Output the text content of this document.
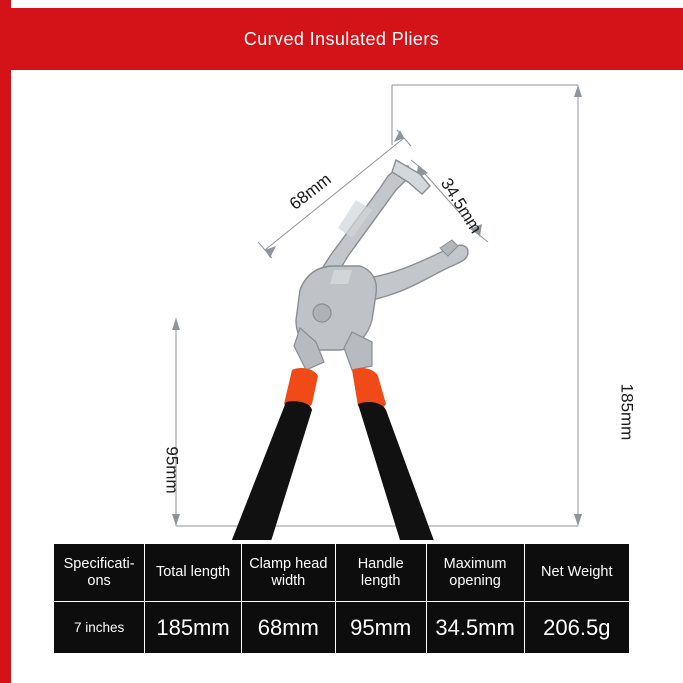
Curved Insulated Pliers
68mm	34.5mm
185mm
95mm
Specificati-ons	Total length	Clamp head width	Handle length	Maximum opening	Net Weight
7 inches	185mm	68mm	95mm	34.5mm	206.5g
